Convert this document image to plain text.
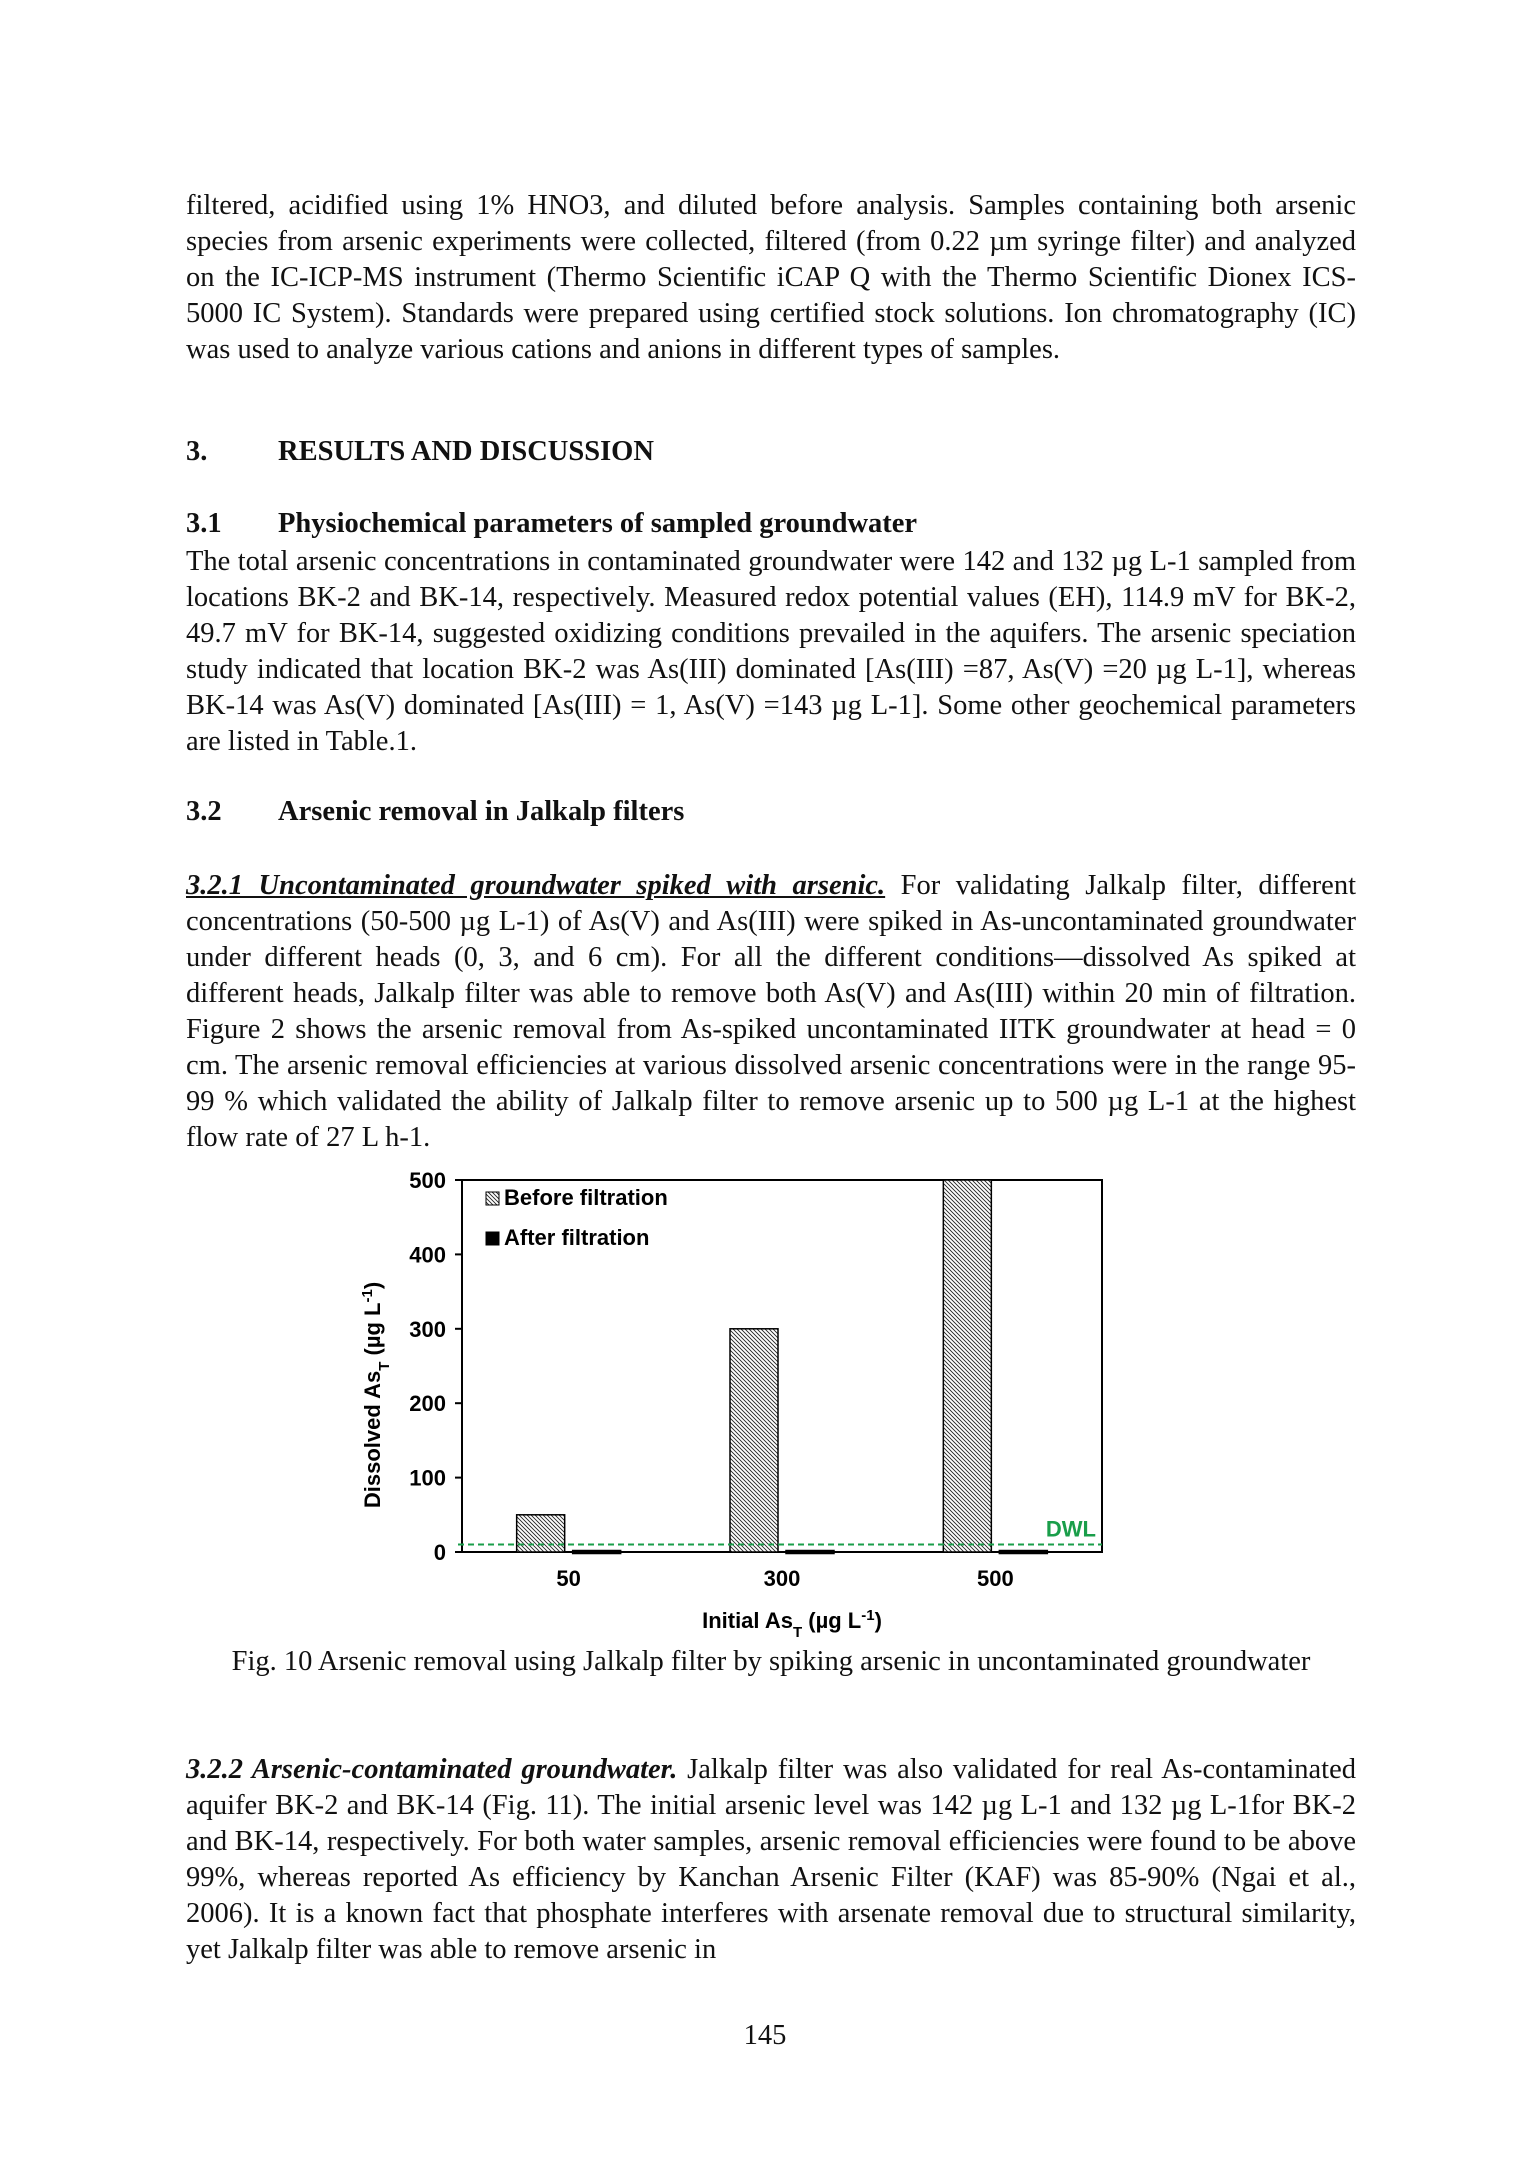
filtered, acidified using 1% HNO3, and diluted before analysis. Samples containing both arsenic species from arsenic experiments were collected, filtered (from 0.22 µm syringe filter) and analyzed on the IC-ICP-MS instrument (Thermo Scientific iCAP Q with the Thermo Scientific Dionex ICS-5000 IC System). Standards were prepared using certified stock solutions. Ion chromatography (IC) was used to analyze various cations and anions in different types of samples.

3. RESULTS AND DISCUSSION
3.1 Physiochemical parameters of sampled groundwater

The total arsenic concentrations in contaminated groundwater were 142 and 132 µg L-1 sampled from locations BK-2 and BK-14, respectively. Measured redox potential values (EH), 114.9 mV for BK-2, 49.7 mV for BK-14, suggested oxidizing conditions prevailed in the aquifers. The arsenic speciation study indicated that location BK-2 was As(III) dominated [As(III) =87, As(V) =20 µg L-1], whereas BK-14 was As(V) dominated [As(III) = 1, As(V) =143 µg L-1]. Some other geochemical parameters are listed in Table.1.

3.2 Arsenic removal in Jalkalp filters

3.2.1 Uncontaminated groundwater spiked with arsenic. For validating Jalkalp filter, different concentrations (50-500 µg L-1) of As(V) and As(III) were spiked in As-uncontaminated groundwater under different heads (0, 3, and 6 cm). For all the different conditions—dissolved As spiked at different heads, Jalkalp filter was able to remove both As(V) and As(III) within 20 min of filtration. Figure 2 shows the arsenic removal from As-spiked uncontaminated IITK groundwater at head = 0 cm. The arsenic removal efficiencies at various dissolved arsenic concentrations were in the range 95-99 % which validated the ability of Jalkalp filter to remove arsenic up to 500 µg L-1 at the highest flow rate of 27 L h-1.

Dissolved $As_T$ (µg $L^{-1}$)
0
100
200
300
400
500
50	300	500
DWL
Before filtration
After filtration
Initial $As_T$ (µg $L^{-1}$)

Fig. 10 Arsenic removal using Jalkalp filter by spiking arsenic in uncontaminated groundwater

3.2.2 Arsenic-contaminated groundwater. Jalkalp filter was also validated for real As-contaminated aquifer BK-2 and BK-14 (Fig. 11). The initial arsenic level was 142 µg L-1 and 132 µg L-1for BK-2 and BK-14, respectively. For both water samples, arsenic removal efficiencies were found to be above 99%, whereas reported As efficiency by Kanchan Arsenic Filter (KAF) was 85-90% (Ngai et al., 2006). It is a known fact that phosphate interferes with arsenate removal due to structural similarity, yet Jalkalp filter was able to remove arsenic in

145
